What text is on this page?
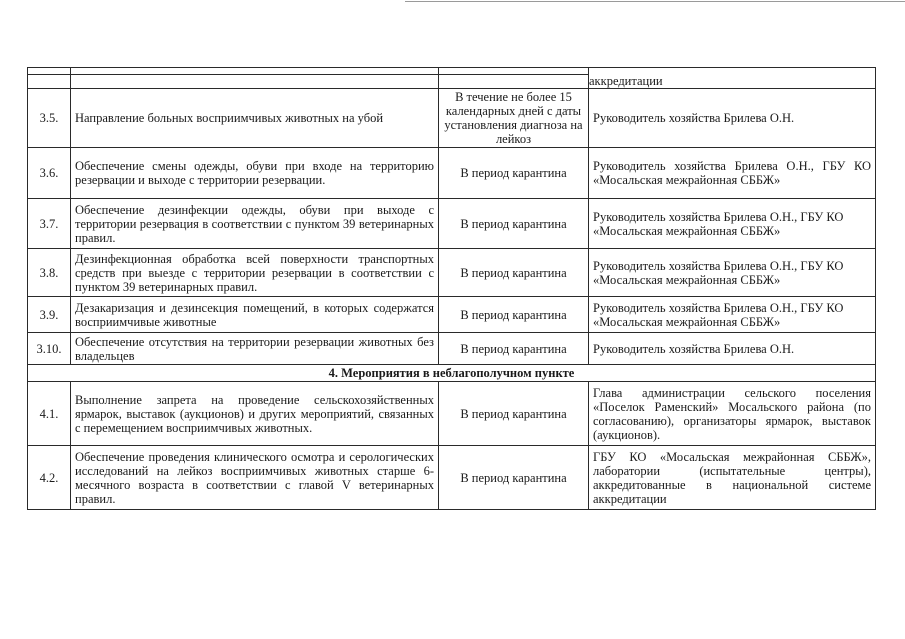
			аккредитации

3.5.	Направление больных восприимчивых животных на убой	В течение не более 15 календарных дней с даты установления диагноза на лейкоз	Руководитель хозяйства Брилева О.Н.
3.6.	Обеспечение смены одежды, обуви при входе на территорию резервации и выходе с территории резервации.	В период карантина	Руководитель хозяйства Брилева О.Н., ГБУ КО «Мосальская межрайонная СББЖ»
3.7.	Обеспечение дезинфекции одежды, обуви при выходе с территории резервация в соответствии с пунктом 39 ветеринарных правил.	В период карантина	Руководитель хозяйства Брилева О.Н., ГБУ КО «Мосальская межрайонная СББЖ»
3.8.	Дезинфекционная обработка всей поверхности транспортных средств при выезде с территории резервации в соответствии с пунктом 39 ветеринарных правил.	В период карантина	Руководитель хозяйства Брилева О.Н., ГБУ КО «Мосальская межрайонная СББЖ»
3.9.	Дезакаризация и дезинсекция помещений, в которых содержатся восприимчивые животные	В период карантина	Руководитель хозяйства Брилева О.Н., ГБУ КО «Мосальская межрайонная СББЖ»
3.10.	Обеспечение отсутствия на территории резервации животных без владельцев	В период карантина	Руководитель хозяйства Брилева О.Н.
4. Мероприятия в неблагополучном пункте			
4.1.	Выполнение запрета на проведение сельскохозяйственных ярмарок, выставок (аукционов) и других мероприятий, связанных с перемещением восприимчивых животных.	В период карантина	Глава администрации сельского поселения «Поселок Раменский» Мосальского района (по согласованию), организаторы ярмарок, выставок (аукционов).
4.2.	Обеспечение проведения клинического осмотра и серологических исследований на лейкоз восприимчивых животных старше 6-месячного возраста в соответствии с главой V ветеринарных правил.	В период карантина	ГБУ КО «Мосальская межрайонная СББЖ», лаборатории (испытательные центры), аккредитованные в национальной системе аккредитации
